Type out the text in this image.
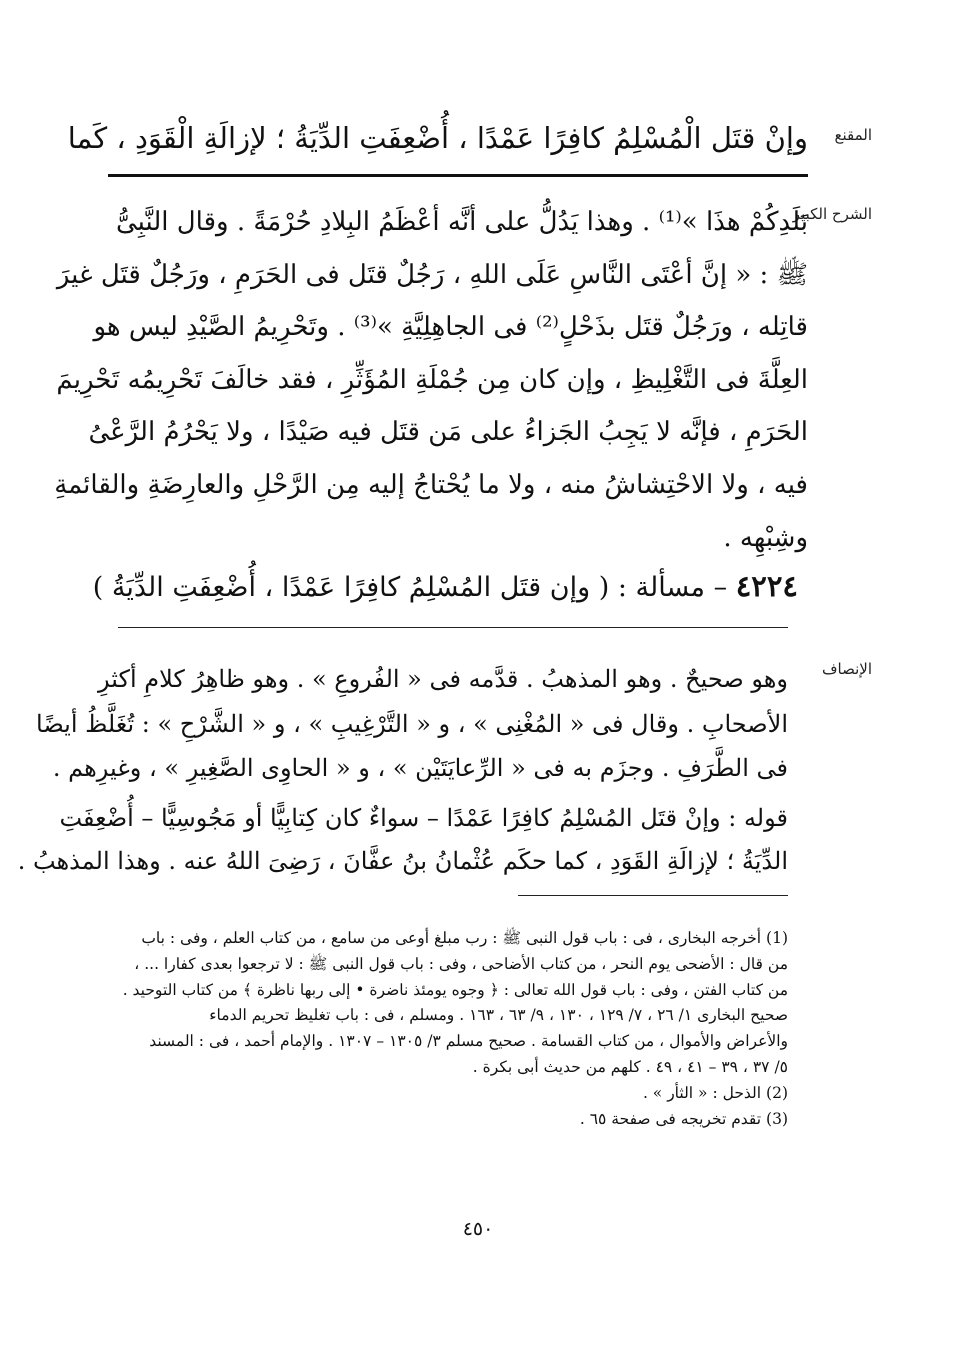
المقنع
وإنْ قتَل الْمُسْلِمُ كافِرًا عَمْدًا ، أُضْعِفَتِ الدِّيَةُ ؛ لإزالَةِ الْقَوَدِ ، كَما
الشرح الكبير
بَلَدِكُمْ هذَا »⁽¹⁾ . وهذا يَدُلُّ على أنَّه أعْظَمُ البِلادِ حُرْمَةً . وقال النَّبِىُّ
ﷺ : « إنَّ أعْتَى النَّاسِ عَلَى اللهِ ، رَجُلٌ قتَل فى الحَرَمِ ، ورَجُلٌ قتَل غيرَ
قاتِله ، ورَجُلٌ قتَل بذَحْلٍ⁽²⁾ فى الجاهِلِيَّةِ »⁽³⁾ . وتَحْرِيمُ الصَّيْدِ ليس هو
العِلَّةَ فى التَّغْلِيظِ ، وإن كان مِن جُمْلَةِ المُؤَثِّرِ ، فقد خالَفَ تَحْرِيمُه تَحْرِيمَ
الحَرَمِ ، فإنَّه لا يَجِبُ الجَزاءُ على مَن قتَل فيه صَيْدًا ، ولا يَحْرُمُ الرَّعْىُ
فيه ، ولا الاحْتِشاشُ منه ، ولا ما يُحْتاجُ إليه مِن الرَّحْلِ والعارِضَةِ والقائمةِ
وشِبْهِه .
٤٢٢٤ – مسألة : ( وإن قتَل المُسْلِمُ كافِرًا عَمْدًا ، أُضْعِفَتِ الدِّيَةُ )
الإنصاف
وهو صحيحٌ . وهو المذهبُ . قدَّمه فى « الفُروعِ » . وهو ظاهِرُ كلامِ أكثرِ
الأصحابِ . وقال فى « المُغْنِى » ، و « التَّرْغِيبِ » ، و « الشَّرْحِ » : تُغَلَّظُ أيضًا
فى الطَّرَفِ . وجزَم به فى « الرِّعايَتَيْن » ، و « الحاوِى الصَّغِيرِ » ، وغيرِهم .
قوله : وإنْ قتَل المُسْلِمُ كافِرًا عَمْدًا – سواءٌ كان كِتابِيًّا أو مَجُوسِيًّا – أُضْعِفَتِ
الدِّيَةُ ؛ لإزالَةِ القَوَدِ ، كما حكَم عُثْمانُ بنُ عفَّانَ ، رَضِىَ اللهُ عنه . وهذا المذهبُ .
(1) أخرجه البخارى ، فى : باب قول النبى ﷺ : رب مبلغ أوعى من سامع ، من كتاب العلم ، وفى : باب
من قال : الأضحى يوم النحر ، من كتاب الأضاحى ، وفى : باب قول النبى ﷺ : لا ترجعوا بعدى كفارا ... ،
من كتاب الفتن ، وفى : باب قول الله تعالى : ﴿ وجوه يومئذ ناضرة • إلى ربها ناظرة ﴾ من كتاب التوحيد .
صحيح البخارى ١/ ٢٦ ، ٧/ ١٢٩ ، ١٣٠ ، ٩/ ٦٣ ، ١٦٣ . ومسلم ، فى : باب تغليظ تحريم الدماء
والأعراض والأموال ، من كتاب القسامة . صحيح مسلم ٣/ ١٣٠٥ – ١٣٠٧ . والإمام أحمد ، فى : المسند
٥/ ٣٧ ، ٣٩ – ٤١ ، ٤٩ . كلهم من حديث أبى بكرة .
(2) الذحل : « الثأر » .
(3) تقدم تخريجه فى صفحة ٦٥ .
٤٥٠
